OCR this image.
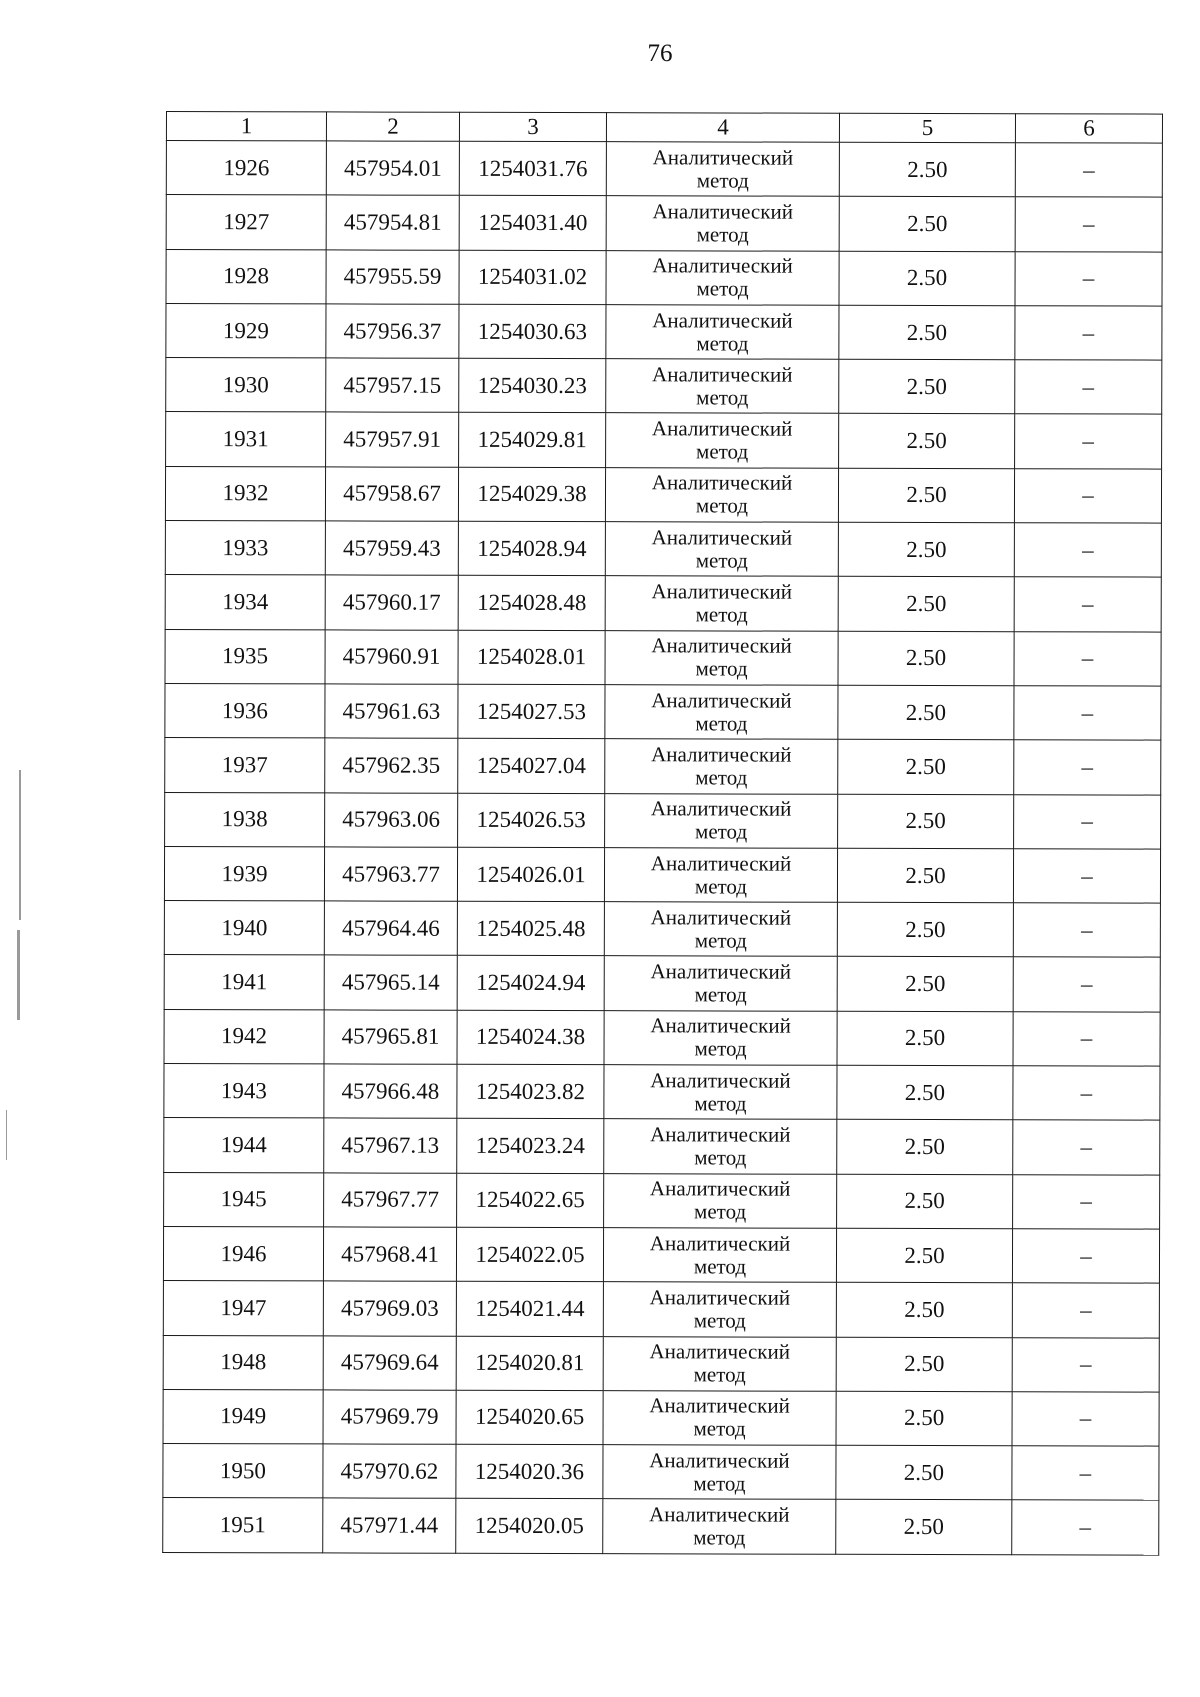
76
1	2	3	4	5	6
1926	457954.01	1254031.76	Аналитический
метод	2.50	–
1927	457954.81	1254031.40	Аналитический
метод	2.50	–
1928	457955.59	1254031.02	Аналитический
метод	2.50	–
1929	457956.37	1254030.63	Аналитический
метод	2.50	–
1930	457957.15	1254030.23	Аналитический
метод	2.50	–
1931	457957.91	1254029.81	Аналитический
метод	2.50	–
1932	457958.67	1254029.38	Аналитический
метод	2.50	–
1933	457959.43	1254028.94	Аналитический
метод	2.50	–
1934	457960.17	1254028.48	Аналитический
метод	2.50	–
1935	457960.91	1254028.01	Аналитический
метод	2.50	–
1936	457961.63	1254027.53	Аналитический
метод	2.50	–
1937	457962.35	1254027.04	Аналитический
метод	2.50	–
1938	457963.06	1254026.53	Аналитический
метод	2.50	–
1939	457963.77	1254026.01	Аналитический
метод	2.50	–
1940	457964.46	1254025.48	Аналитический
метод	2.50	–
1941	457965.14	1254024.94	Аналитический
метод	2.50	–
1942	457965.81	1254024.38	Аналитический
метод	2.50	–
1943	457966.48	1254023.82	Аналитический
метод	2.50	–
1944	457967.13	1254023.24	Аналитический
метод	2.50	–
1945	457967.77	1254022.65	Аналитический
метод	2.50	–
1946	457968.41	1254022.05	Аналитический
метод	2.50	–
1947	457969.03	1254021.44	Аналитический
метод	2.50	–
1948	457969.64	1254020.81	Аналитический
метод	2.50	–
1949	457969.79	1254020.65	Аналитический
метод	2.50	–
1950	457970.62	1254020.36	Аналитический
метод	2.50	–
1951	457971.44	1254020.05	Аналитический
метод	2.50	–
